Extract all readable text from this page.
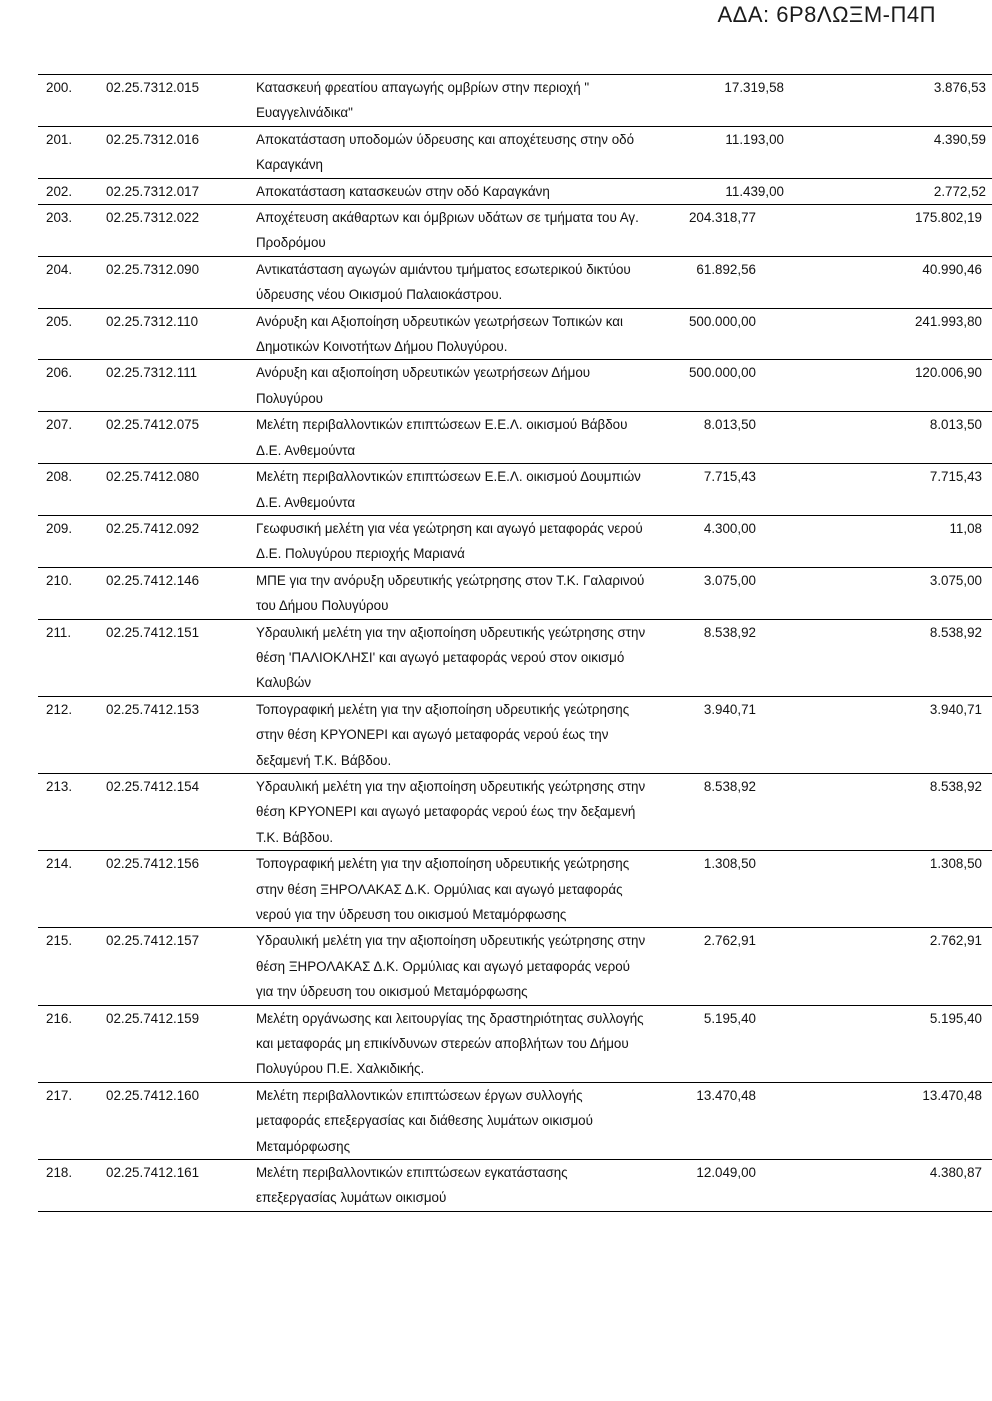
ΑΔΑ: 6Ρ8ΛΩΞΜ-Π4Π
200.	02.25.7312.015	Κατασκευή φρεατίου απαγωγής ομβρίων στην περιοχή " Ευαγγελινάδικα"	17.319,58	3.876,53
201.	02.25.7312.016	Αποκατάσταση υποδομών ύδρευσης και αποχέτευσης στην οδό Καραγκάνη	11.193,00	4.390,59
202.	02.25.7312.017	Αποκατάσταση κατασκευών στην οδό Καραγκάνη	11.439,00	2.772,52
203.	02.25.7312.022	Αποχέτευση ακάθαρτων και όμβριων υδάτων σε τμήματα του Αγ. Προδρόμου	204.318,77	175.802,19
204.	02.25.7312.090	Αντικατάσταση αγωγών αμιάντου τμήματος εσωτερικού δικτύου ύδρευσης νέου Οικισμού Παλαιοκάστρου.	61.892,56	40.990,46
205.	02.25.7312.110	Ανόρυξη και Αξιοποίηση υδρευτικών γεωτρήσεων Τοπικών και Δημοτικών Κοινοτήτων Δήμου Πολυγύρου.	500.000,00	241.993,80
206.	02.25.7312.111	Ανόρυξη και αξιοποίηση υδρευτικών γεωτρήσεων Δήμου Πολυγύρου	500.000,00	120.006,90
207.	02.25.7412.075	Μελέτη περιβαλλοντικών επιπτώσεων Ε.Ε.Λ. οικισμού Βάβδου Δ.Ε. Ανθεμούντα	8.013,50	8.013,50
208.	02.25.7412.080	Μελέτη περιβαλλοντικών επιπτώσεων Ε.Ε.Λ. οικισμού Δουμπιών Δ.Ε. Ανθεμούντα	7.715,43	7.715,43
209.	02.25.7412.092	Γεωφυσική μελέτη για νέα γεώτρηση και αγωγό μεταφοράς νερού Δ.Ε. Πολυγύρου περιοχής Μαριανά	4.300,00	11,08
210.	02.25.7412.146	ΜΠΕ για την ανόρυξη υδρευτικής γεώτρησης στον Τ.Κ. Γαλαρινού του Δήμου Πολυγύρου	3.075,00	3.075,00
211.	02.25.7412.151	Υδραυλική μελέτη για την αξιοποίηση υδρευτικής γεώτρησης στην θέση 'ΠΑΛΙΟΚΛΗΣΙ' και αγωγό μεταφοράς νερού στον οικισμό Καλυβών	8.538,92	8.538,92
212.	02.25.7412.153	Τοπογραφική μελέτη για την αξιοποίηση υδρευτικής γεώτρησης στην θέση ΚΡΥΟΝΕΡΙ και αγωγό μεταφοράς νερού έως την δεξαμενή Τ.Κ. Βάβδου.	3.940,71	3.940,71
213.	02.25.7412.154	Υδραυλική μελέτη για την αξιοποίηση υδρευτικής γεώτρησης στην θέση ΚΡΥΟΝΕΡΙ και αγωγό μεταφοράς νερού έως την δεξαμενή Τ.Κ. Βάβδου.	8.538,92	8.538,92
214.	02.25.7412.156	Τοπογραφική μελέτη για την αξιοποίηση υδρευτικής γεώτρησης στην θέση ΞΗΡΟΛΑΚΑΣ Δ.Κ. Ορμύλιας και αγωγό μεταφοράς νερού για την ύδρευση του οικισμού Μεταμόρφωσης	1.308,50	1.308,50
215.	02.25.7412.157	Υδραυλική μελέτη για την αξιοποίηση υδρευτικής γεώτρησης στην θέση ΞΗΡΟΛΑΚΑΣ Δ.Κ. Ορμύλιας και αγωγό μεταφοράς νερού για την ύδρευση του οικισμού Μεταμόρφωσης	2.762,91	2.762,91
216.	02.25.7412.159	Μελέτη οργάνωσης και λειτουργίας της δραστηριότητας συλλογής και μεταφοράς μη επικίνδυνων στερεών αποβλήτων του Δήμου Πολυγύρου Π.Ε. Χαλκιδικής.	5.195,40	5.195,40
217.	02.25.7412.160	Μελέτη περιβαλλοντικών επιπτώσεων έργων συλλογής μεταφοράς επεξεργασίας και διάθεσης λυμάτων οικισμού Μεταμόρφωσης	13.470,48	13.470,48
218.	02.25.7412.161	Μελέτη περιβαλλοντικών επιπτώσεων εγκατάστασης επεξεργασίας λυμάτων οικισμού	12.049,00	4.380,87
